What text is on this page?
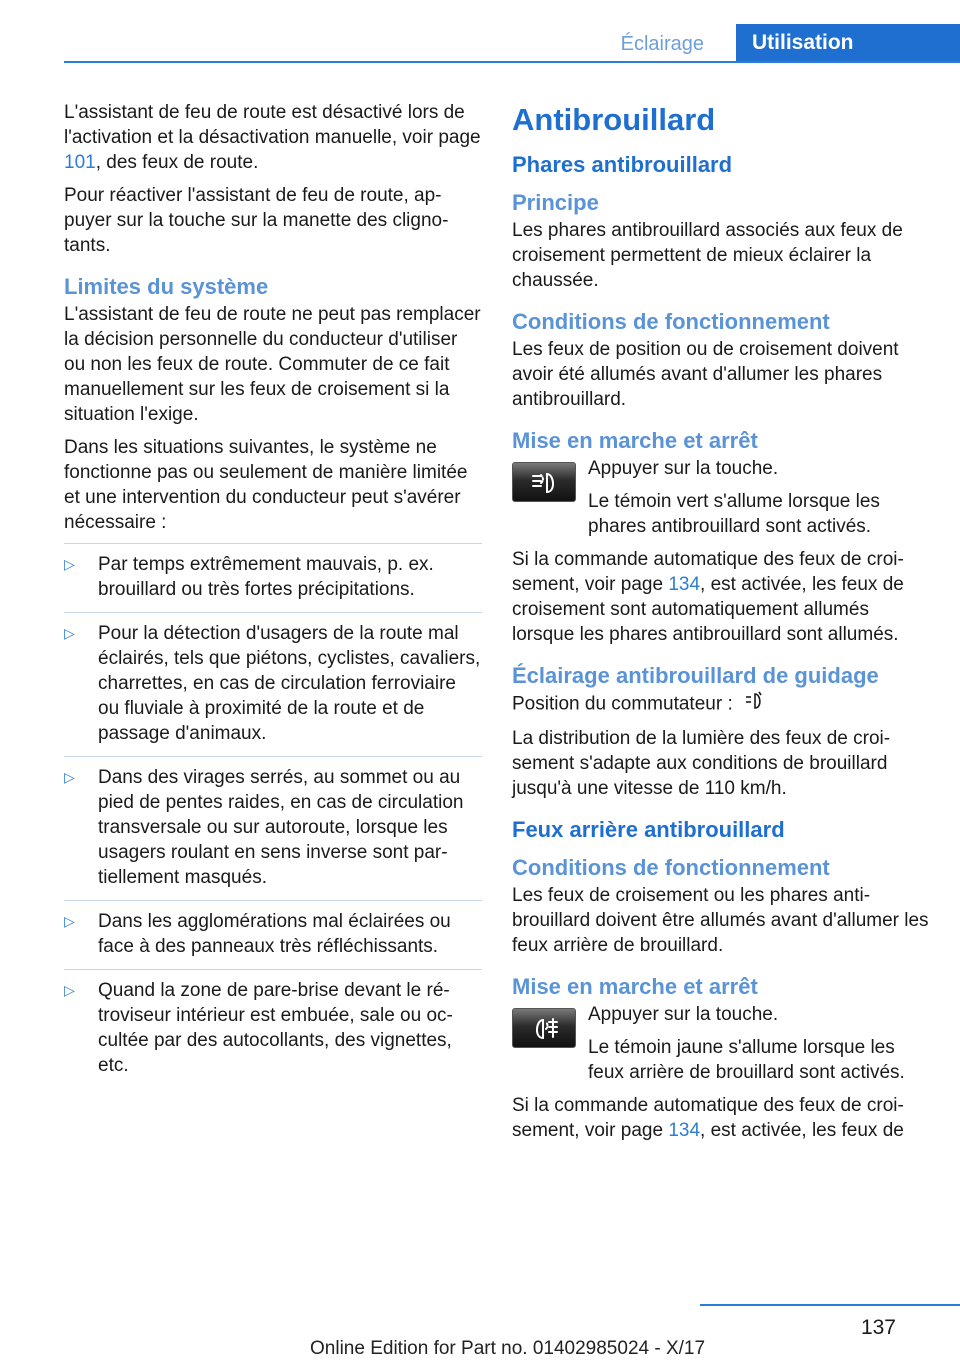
Éclairage	Utilisation

L'assistant de feu de route est désactivé lors de l'activation et la désactivation manuelle, voir page 101, des feux de route.

Pour réactiver l'assistant de feu de route, appuyer sur la touche sur la manette des clignotants.

Limites du système

L'assistant de feu de route ne peut pas remplacer la décision personnelle du conducteur d'utiliser ou non les feux de route. Commuter de ce fait manuellement sur les feux de croisement si la situation l'exige.

Dans les situations suivantes, le système ne fonctionne pas ou seulement de manière limitée et une intervention du conducteur peut s'avérer nécessaire :

▷ Par temps extrêmement mauvais, p. ex. brouillard ou très fortes précipitations.
▷ Pour la détection d'usagers de la route mal éclairés, tels que piétons, cyclistes, cavaliers, charrettes, en cas de circulation ferroviaire ou fluviale à proximité de la route et de passage d'animaux.
▷ Dans des virages serrés, au sommet ou au pied de pentes raides, en cas de circulation transversale ou sur autoroute, lorsque les usagers roulant en sens inverse sont partiellement masqués.
▷ Dans les agglomérations mal éclairées ou face à des panneaux très réfléchissants.
▷ Quand la zone de pare-brise devant le rétroviseur intérieur est embuée, sale ou occultée par des autocollants, des vignettes, etc.
Antibrouillard
Phares antibrouillard
Principe

Les phares antibrouillard associés aux feux de croisement permettent de mieux éclairer la chaussée.

Conditions de fonctionnement

Les feux de position ou de croisement doivent avoir été allumés avant d'allumer les phares antibrouillard.

Mise en marche et arrêt

Appuyer sur la touche.

Le témoin vert s'allume lorsque les phares antibrouillard sont activés.

Si la commande automatique des feux de croisement, voir page 134, est activée, les feux de croisement sont automatiquement allumés lorsque les phares antibrouillard sont allumés.

Éclairage antibrouillard de guidage

Position du commutateur :

La distribution de la lumière des feux de croisement s'adapte aux conditions de brouillard jusqu'à une vitesse de 110 km/h.

Feux arrière antibrouillard
Conditions de fonctionnement

Les feux de croisement ou les phares antibrouillard doivent être allumés avant d'allumer les feux arrière de brouillard.

Mise en marche et arrêt

Appuyer sur la touche.

Le témoin jaune s'allume lorsque les feux arrière de brouillard sont activés.

Si la commande automatique des feux de croisement, voir page 134, est activée, les feux de

137
Online Edition for Part no. 01402985024 - X/17
